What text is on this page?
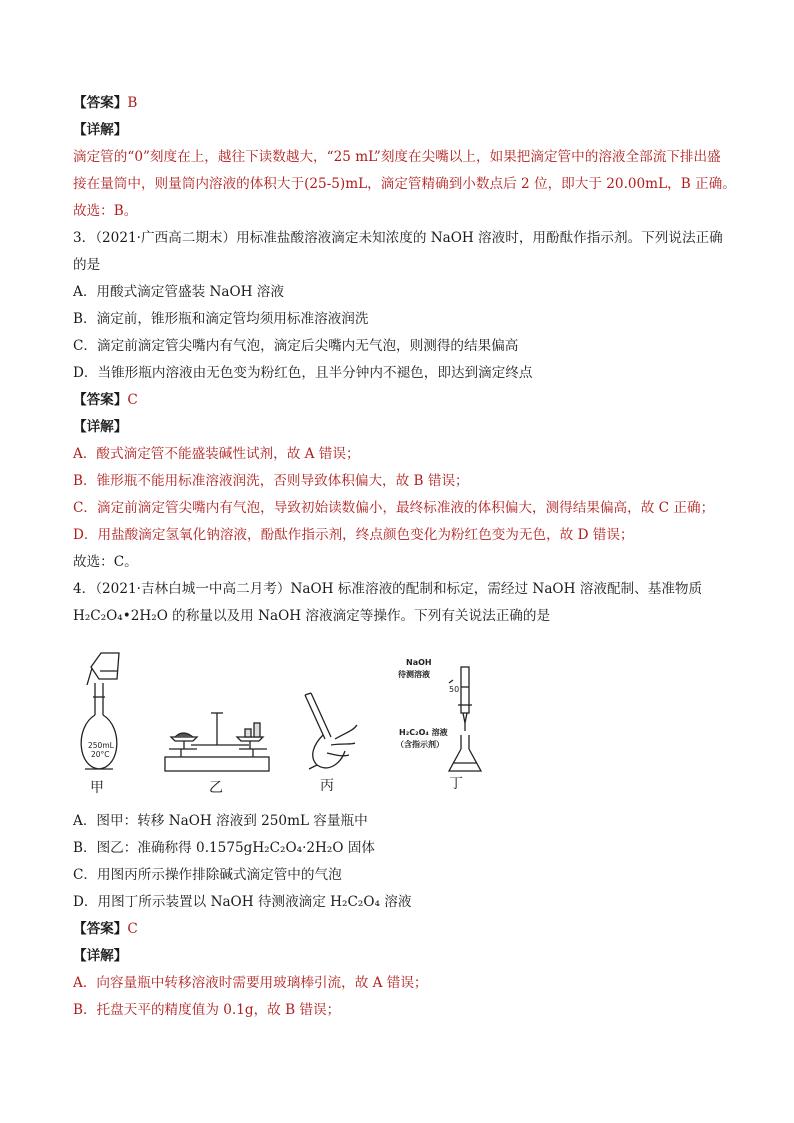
【答案】B
【详解】
滴定管的“0”刻度在上，越往下读数越大，“25 mL”刻度在尖嘴以上，如果把滴定管中的溶液全部流下排出盛
接在量筒中，则量筒内溶液的体积大于(25-5)mL，滴定管精确到小数点后 2 位，即大于 20.00mL，B 正确。
故选：B。
3．（2021·广西高二期末）用标准盐酸溶液滴定未知浓度的 NaOH 溶液时，用酚酞作指示剂。下列说法正确
的是
A．用酸式滴定管盛装 NaOH 溶液
B．滴定前，锥形瓶和滴定管均须用标准溶液润洗
C．滴定前滴定管尖嘴内有气泡，滴定后尖嘴内无气泡，则测得的结果偏高
D．当锥形瓶内溶液由无色变为粉红色，且半分钟内不褪色，即达到滴定终点
【答案】C
【详解】
A．酸式滴定管不能盛装碱性试剂，故 A 错误；
B．锥形瓶不能用标准溶液润洗，否则导致体积偏大，故 B 错误；
C．滴定前滴定管尖嘴内有气泡，导致初始读数偏小，最终标准液的体积偏大，测得结果偏高，故 C 正确；
D．用盐酸滴定氢氧化钠溶液，酚酞作指示剂，终点颜色变化为粉红色变为无色，故 D 错误；
故选：C。
4．（2021·吉林白城一中高二月考）NaOH 标准溶液的配制和标定，需经过 NaOH 溶液配制、基准物质
H₂C₂O₄•2H₂O 的称量以及用 NaOH 溶液滴定等操作。下列有关说法正确的是
250mL
20°C
NaOH
待测溶液
50
H₂C₂O₄ 溶液
（含指示剂）
甲	乙	丙	丁
A．图甲：转移 NaOH 溶液到 250mL 容量瓶中
B．图乙：准确称得 0.1575gH₂C₂O₄·2H₂O 固体
C．用图丙所示操作排除碱式滴定管中的气泡
D．用图丁所示装置以 NaOH 待测液滴定 H₂C₂O₄ 溶液
【答案】C
【详解】
A．向容量瓶中转移溶液时需要用玻璃棒引流，故 A 错误；
B．托盘天平的精度值为 0.1g，故 B 错误；
